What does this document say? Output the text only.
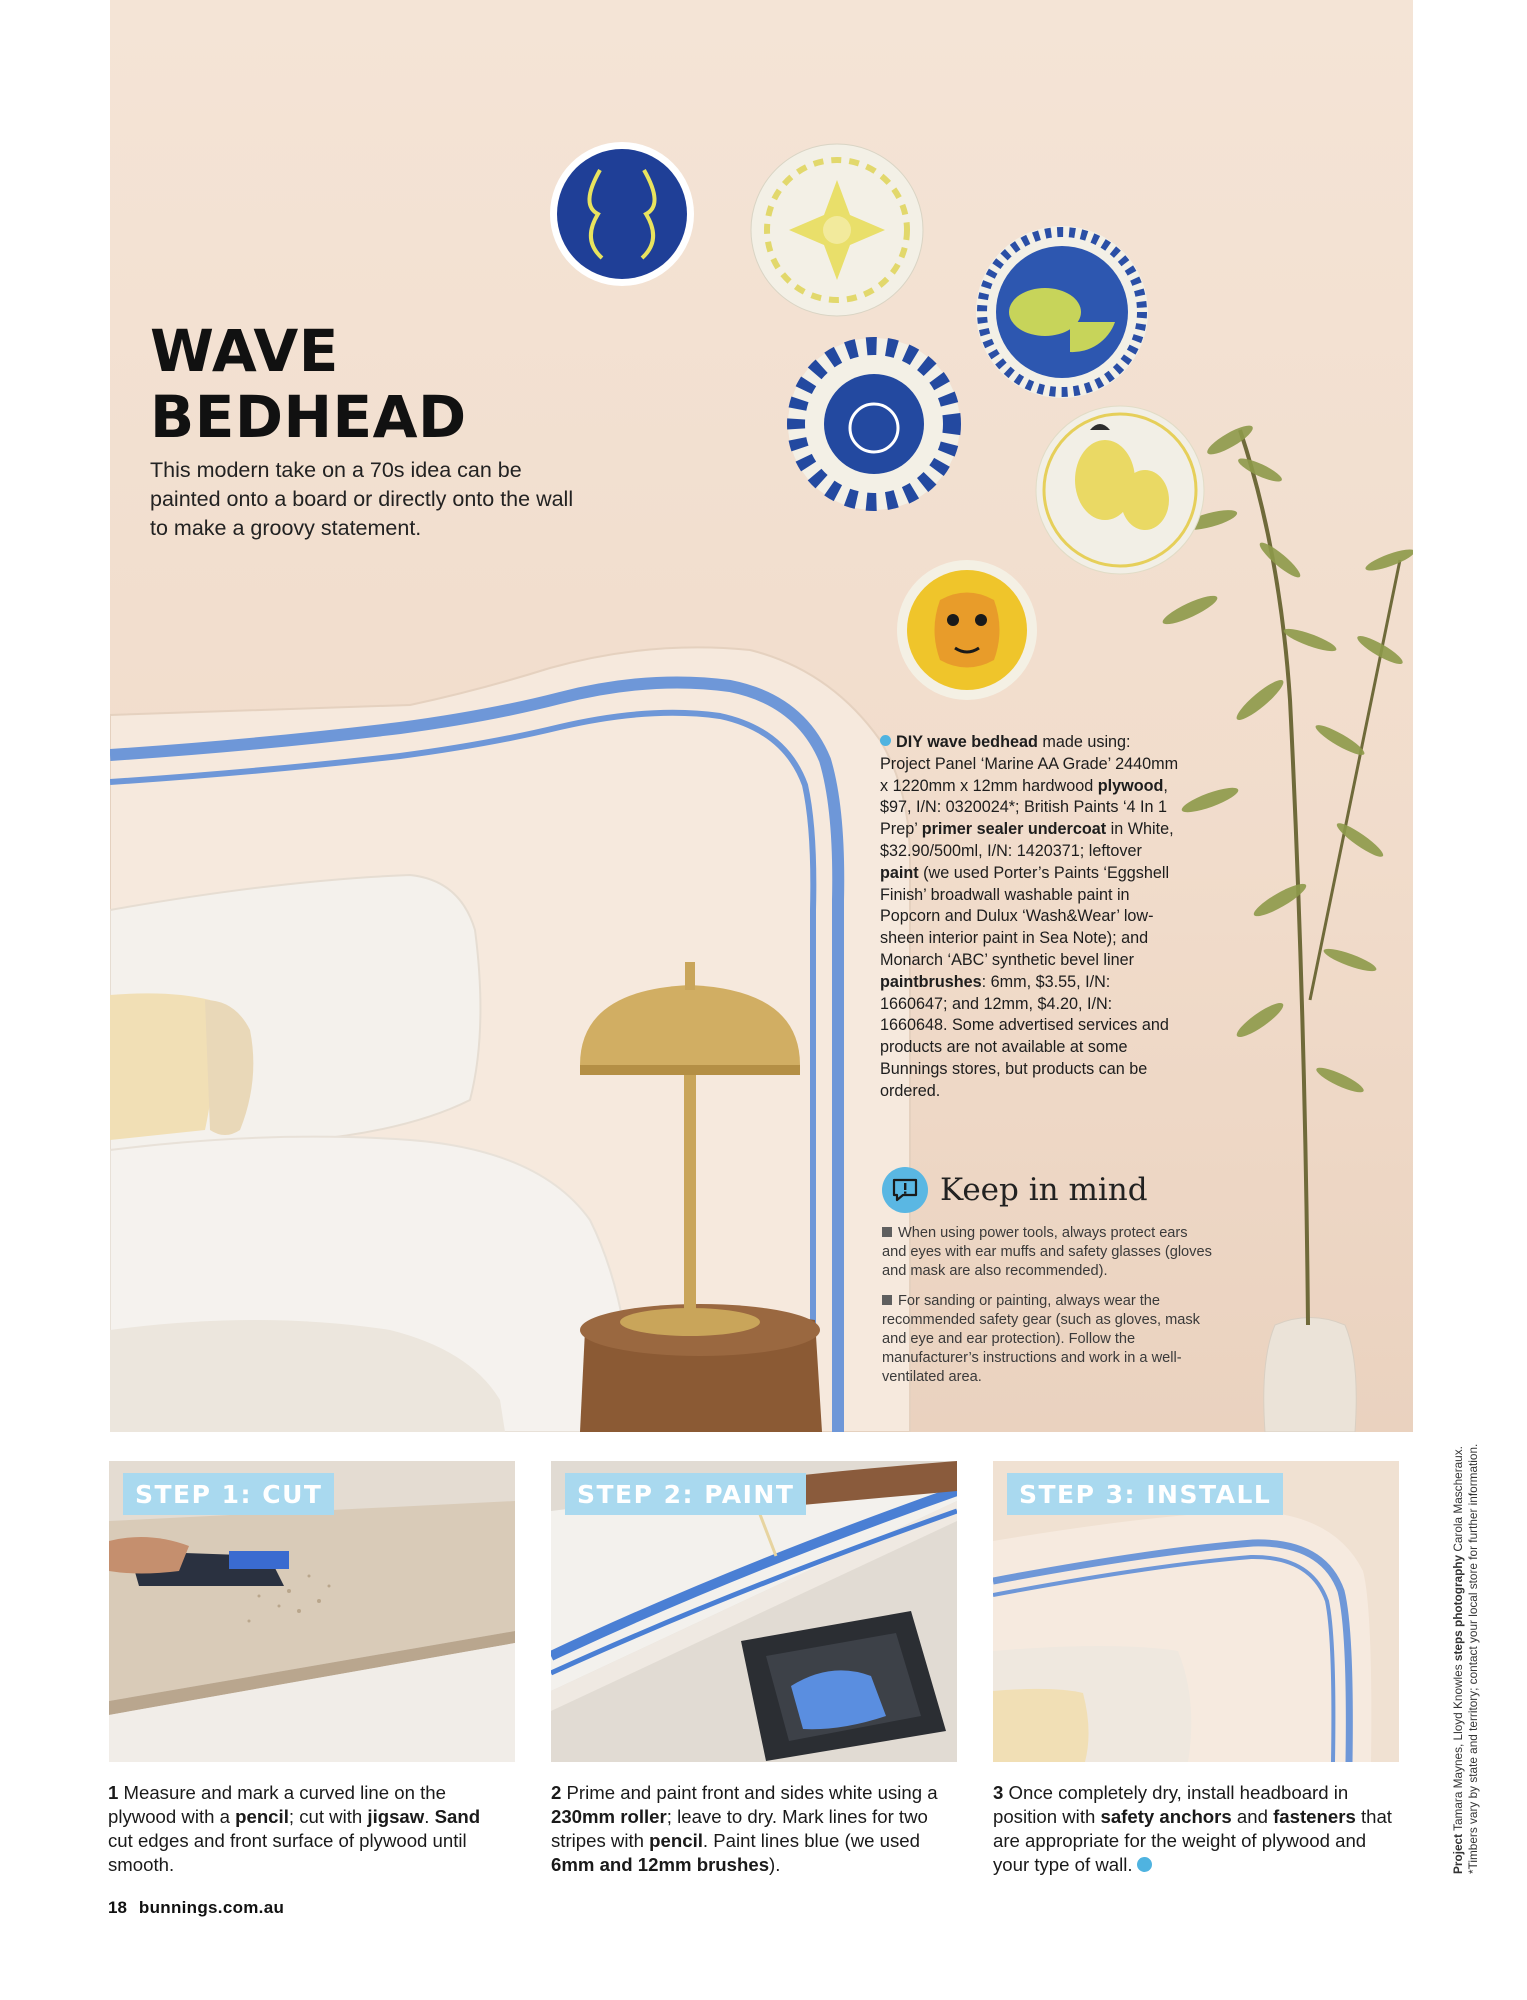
WAVE
BEDHEAD

This modern take on a 70s idea can be painted onto a board or directly onto the wall to make a groovy statement.

DIY wave bedhead made using: Project Panel ‘Marine AA Grade’ 2440mm x 1220mm x 12mm hardwood plywood, $97, I/N: 0320024*; British Paints ‘4 In 1 Prep’ primer sealer undercoat in White, $32.90/500ml, I/N: 1420371; leftover paint (we used Porter’s Paints ‘Eggshell Finish’ broadwall washable paint in Popcorn and Dulux ‘Wash&Wear’ low-sheen interior paint in Sea Note); and Monarch ‘ABC’ synthetic bevel liner paintbrushes: 6mm, $3.55, I/N: 1660647; and 12mm, $4.20, I/N: 1660648. Some advertised services and products are not available at some Bunnings stores, but products can be ordered.

Keep in mind
When using power tools, always protect ears and eyes with ear muffs and safety glasses (gloves and mask are also recommended).
For sanding or painting, always wear the recommended safety gear (such as gloves, mask and eye and ear protection). Follow the manufacturer’s instructions and work in a well-ventilated area.
STEP 1: CUT	STEP 2: PAINT	STEP 3: INSTALL

1 Measure and mark a curved line on the plywood with a pencil; cut with jigsaw. Sand cut edges and front surface of plywood until smooth.

2 Prime and paint front and sides white using a 230mm roller; leave to dry. Mark lines for two stripes with pencil. Paint lines blue (we used 6mm and 12mm brushes).

3 Once completely dry, install headboard in position with safety anchors and fasteners that are appropriate for the weight of plywood and your type of wall.	Project Tamara Maynes, Lloyd Knowles steps photography Carola Mascheraux. *Timbers vary by state and territory; contact your local store for further information.
18 bunnings.com.au
